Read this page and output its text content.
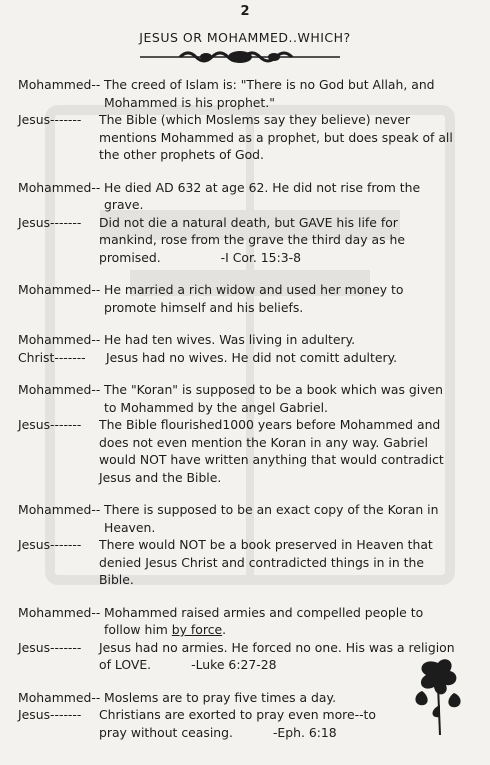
2
JESUS OR MOHAMMED..WHICH?
Mohammed-- The creed of Islam is: "There is no God but Allah, and Mohammed is his prophet."
Jesus-------	The Bible (which Moslems say they believe) never mentions Mohammed as a prophet, but does speak of all the other prophets of God.
Mohammed-- He died AD 632 at age 62. He did not rise from the grave.
Jesus-------	Did not die a natural death, but GAVE his life for mankind, rose from the grave the third day as he promised.	-I Cor. 15:3-8
Mohammed-- He married a rich widow and used her money to promote himself and his beliefs.
Mohammed-- He had ten wives. Was living in adultery.
Christ-------	Jesus had no wives. He did not comitt adultery.
Mohammed-- The "Koran" is supposed to be a book which was given to Mohammed by the angel Gabriel.
Jesus-------	The Bible flourished1000 years before Mohammed and does not even mention the Koran in any way. Gabriel would NOT have written anything that would contradict Jesus and the Bible.
Mohammed-- There is supposed to be an exact copy of the Koran in Heaven.
Jesus-------	There would NOT be a book preserved in Heaven that denied Jesus Christ and contradicted things in in the Bible.
Mohammed-- Mohammed raised armies and compelled people to follow him by force.
Jesus-------	Jesus had no armies. He forced no one. His was a religion of LOVE.	-Luke 6:27-28
Mohammed-- Moslems are to pray five times a day.
Jesus-------	Christians are exorted to pray even more--to pray without ceasing.	-Eph. 6:18
